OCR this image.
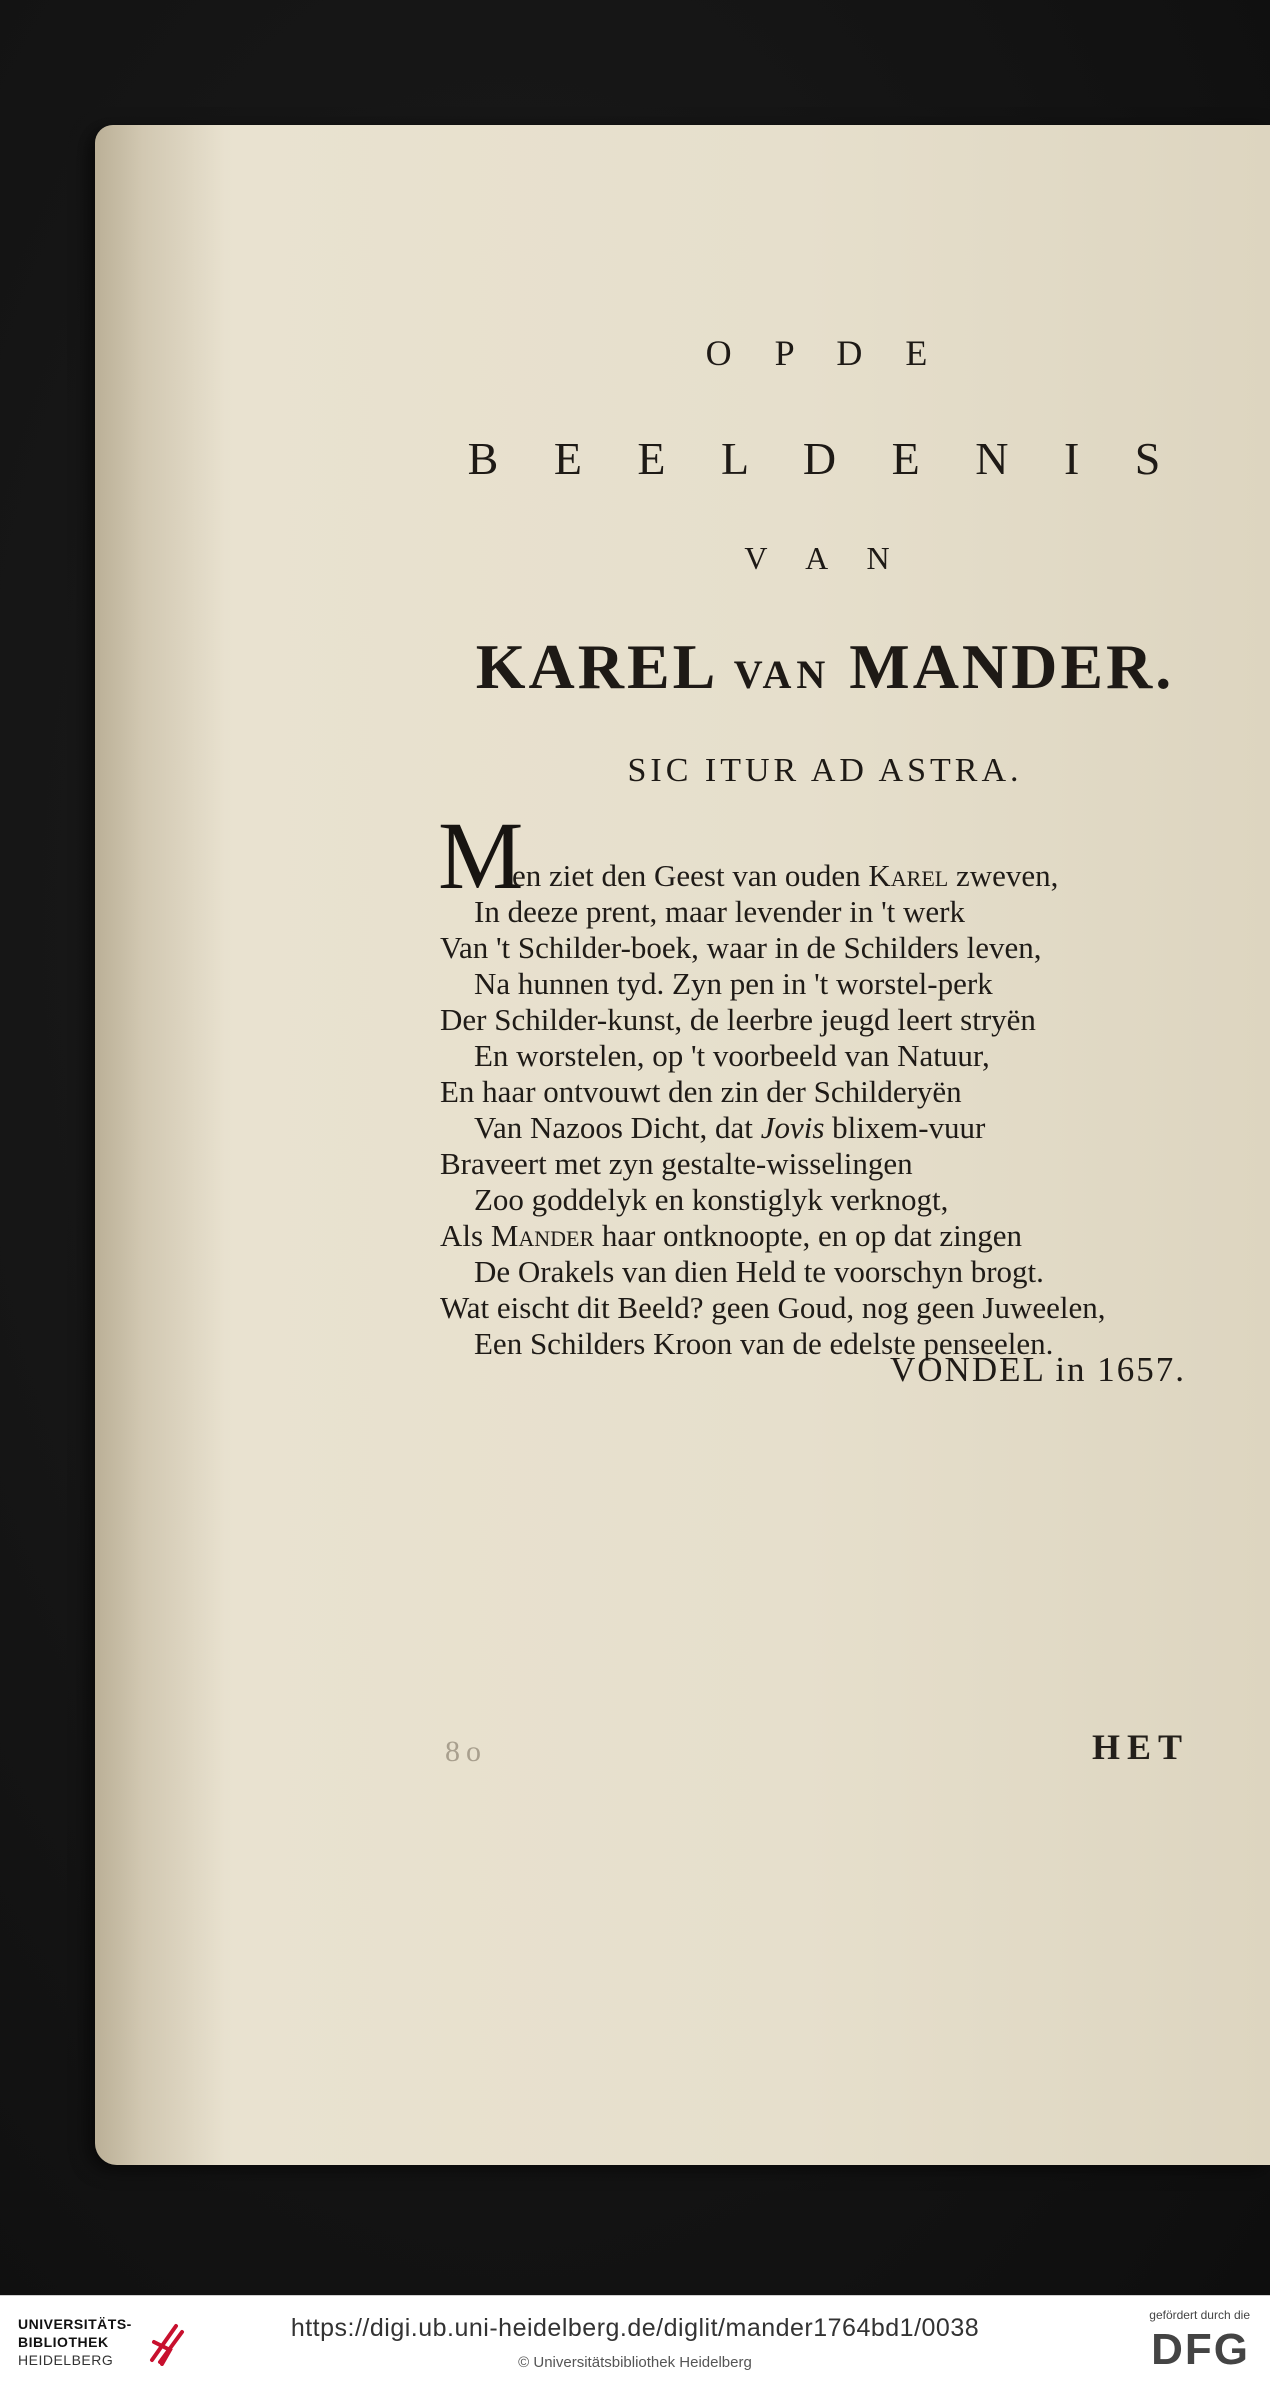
O P D E
B E E L D E N I S
V A N
KAREL VAN MANDER.
SIC ITUR AD ASTRA.
M
en ziet den Geest van ouden Karel zweven,
In deeze prent, maar levender in 't werk
Van 't Schilder-boek, waar in de Schilders leven,
Na hunnen tyd. Zyn pen in 't worstel-perk
Der Schilder-kunst, de leerbre jeugd leert stryën
En worstelen, op 't voorbeeld van Natuur,
En haar ontvouwt den zin der Schilderyën
Van Nazoos Dicht, dat Jovis blixem-vuur
Braveert met zyn gestalte-wisselingen
Zoo goddelyk en konstiglyk verknogt,
Als Mander haar ontknoopte, en op dat zingen
De Orakels van dien Held te voorschyn brogt.
Wat eischt dit Beeld? geen Goud, nog geen Juweelen,
Een Schilders Kroon van de edelste penseelen.
VONDEL in 1657.
8o	HET
UNIVERSITÄTS-
BIBLIOTHEK
HEIDELBERG
https://digi.ub.uni-heidelberg.de/diglit/mander1764bd1/0038
© Universitätsbibliothek Heidelberg
gefördert durch die
DFG
